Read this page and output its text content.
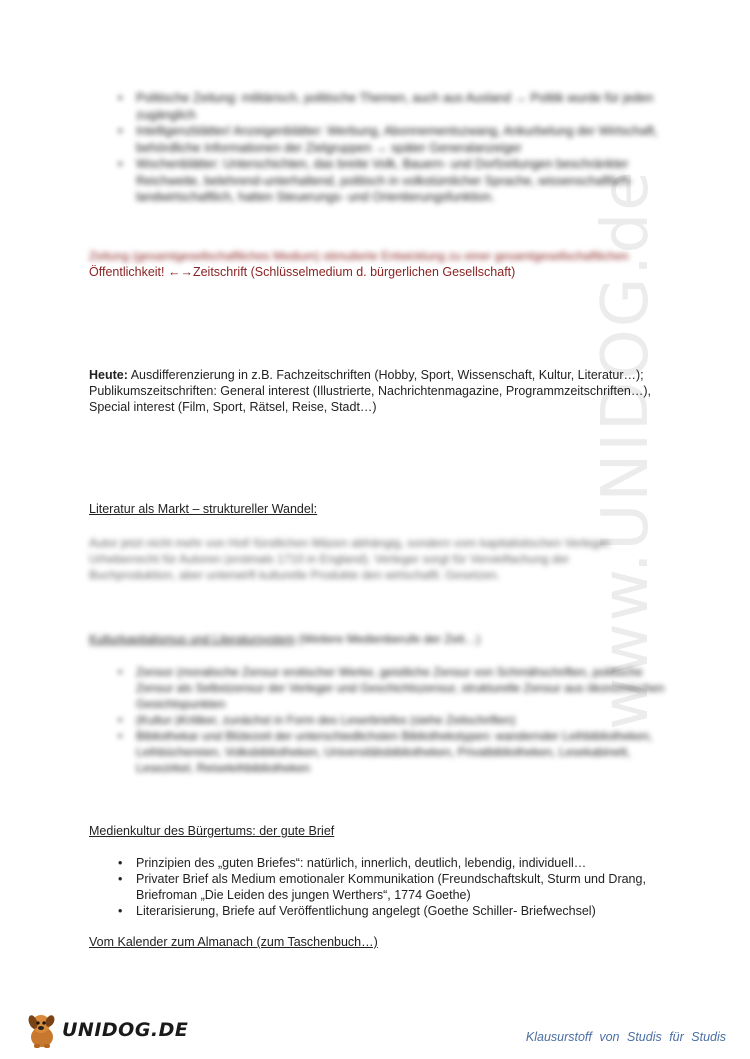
www.UNIDOG.de
• Politische Zeitung: militärisch, politische Themen, auch aus Ausland → Politik wurde für jeden zugänglich
• Intelligenzblätter/ Anzeigenblätter: Werbung, Abonnementszwang, Ankurbelung der Wirtschaft, behördliche Informationen der Zielgruppen → später Generalanzeiger
• Wochenblätter: Unterschichten, das breite Volk, Bauern- und Dorfzeitungen beschränkter Reichweite, belehrend-unterhaltend, politisch in volkstümlicher Sprache, wissenschaftlich-landwirtschaftlich, hatten Steuerungs- und Orientierungsfunktion.
Zeitung (gesamtgesellschaftliches Medium) stimulierte Entwicklung zu einer gesamtgesellschaftlichen
Öffentlichkeit! ←→Zeitschrift (Schlüsselmedium d. bürgerlichen Gesellschaft)
Heute: Ausdifferenzierung in z.B. Fachzeitschriften (Hobby, Sport, Wissenschaft, Kultur, Literatur…);
Publikumszeitschriften: General interest (Illustrierte, Nachrichtenmagazine, Programmzeitschriften…),
Special interest (Film, Sport, Rätsel, Reise, Stadt…)
Literatur als Markt – struktureller Wandel:
Autor jetzt nicht mehr von Hof/ fürstlichen Mäzen abhängig, sondern vom kapitalistischen Verleger.
Urheberrecht für Autoren (erstmals 1710 in England). Verleger sorgt für Vervielfachung der
Buchproduktion, aber unterwirft kulturelle Produkte den wirtschaftl. Gesetzen.
Kulturkapitalismus und Literatursystem (Weitere Medienberufe der Zeit…)
• Zensor (moralische Zensur erotischer Werke, geistliche Zensur von Schmähschriften, politische Zensur als Selbstzensur der Verleger und Geschichtszensur, strukturelle Zensur aus ökonomischen Gesichtspunkten
• (Kultur-)Kritiker, zunächst in Form des Leserbriefes (siehe Zeitschriften)
• Bibliothekar und Blütezeit der unterschiedlichsten Bibliothekstypen: wandernder Leihbibliotheken, Leihbüchereien, Volksbibliotheken, Universitätsbibliotheken, Privatbibliotheken, Lesekabinett, Lesezirkel, Reiseleihbibliotheken
Medienkultur des Bürgertums: der gute Brief
• Prinzipien des „guten Briefes“: natürlich, innerlich, deutlich, lebendig, individuell…
• Privater Brief als Medium emotionaler Kommunikation (Freundschaftskult, Sturm und Drang,
Briefroman „Die Leiden des jungen Werthers“, 1774 Goethe)
• Literarisierung, Briefe auf Veröffentlichung angelegt (Goethe Schiller- Briefwechsel)
Vom Kalender zum Almanach (zum Taschenbuch…)
UNIDOG.DE	Klausurstoff von Studis für Studis
